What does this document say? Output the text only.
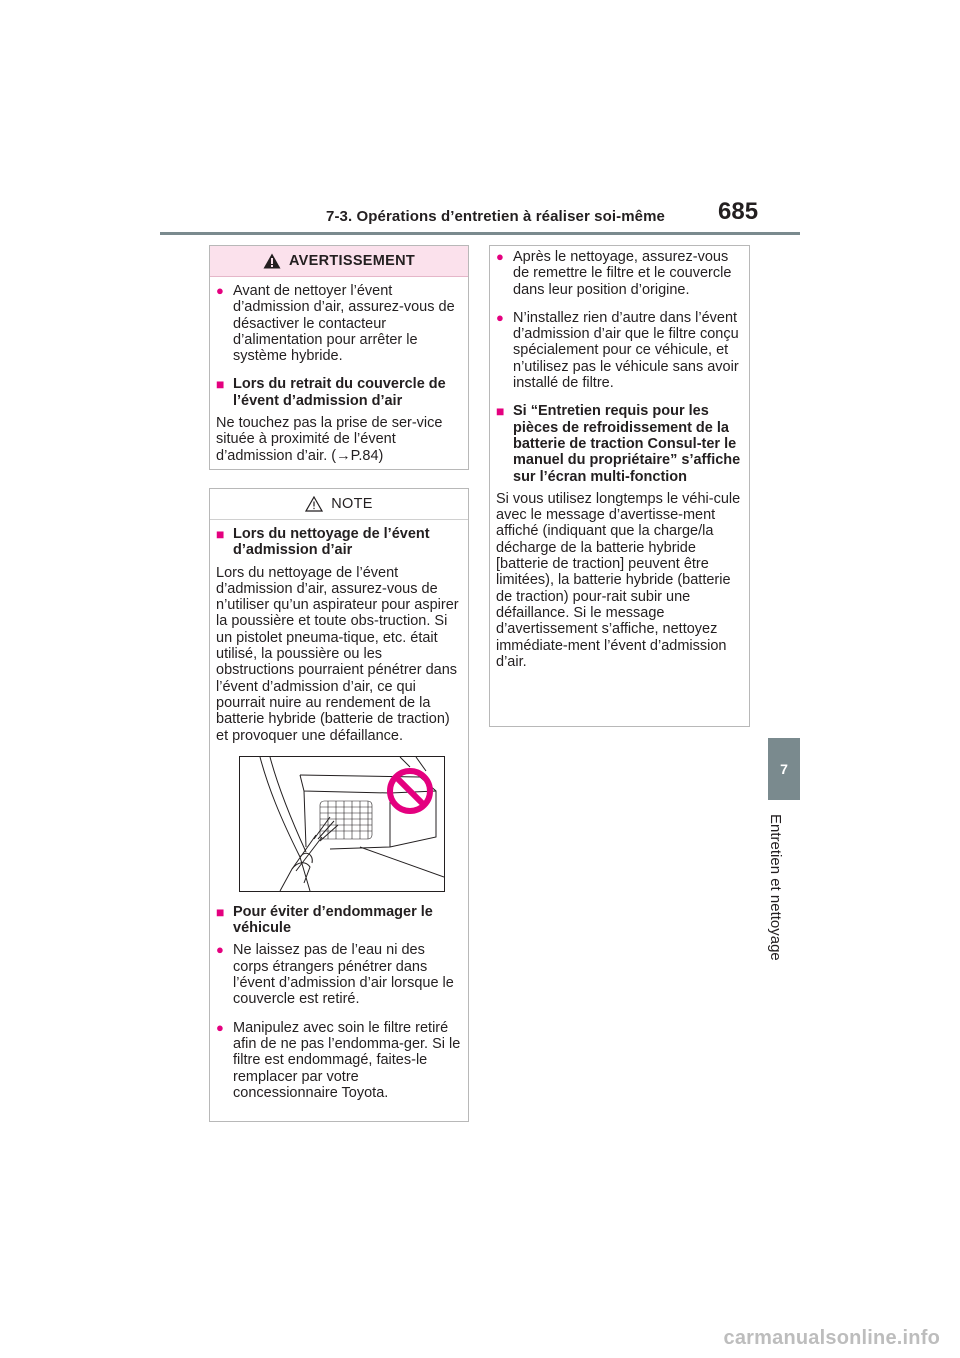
7-3. Opérations d’entretien à réaliser soi-même 685
7
Entretien et nettoyage
AVERTISSEMENT
● Avant de nettoyer l’évent d’admission d’air, assurez-vous de désactiver le contacteur d’alimentation pour arrêter le système hybride.
■ Lors du retrait du couvercle de l’évent d’admission d’air
Ne touchez pas la prise de ser-vice située à proximité de l’évent d’admission d’air. (→P.84)
NOTE
■ Lors du nettoyage de l’évent d’admission d’air
Lors du nettoyage de l’évent d’admission d’air, assurez-vous de n’utiliser qu’un aspirateur pour aspirer la poussière et toute obs-truction. Si un pistolet pneuma-tique, etc. était utilisé, la poussière ou les obstructions pourraient pénétrer dans l’évent d’admission d’air, ce qui pourrait nuire au rendement de la batterie hybride (batterie de traction) et provoquer une défaillance.
■ Pour éviter d’endommager le véhicule
● Ne laissez pas de l’eau ni des corps étrangers pénétrer dans l’évent d’admission d’air lorsque le couvercle est retiré.
● Manipulez avec soin le filtre retiré afin de ne pas l’endomma-ger. Si le filtre est endommagé, faites-le remplacer par votre concessionnaire Toyota.
● Après le nettoyage, assurez-vous de remettre le filtre et le couvercle dans leur position d’origine.
● N’installez rien d’autre dans l’évent d’admission d’air que le filtre conçu spécialement pour ce véhicule, et n’utilisez pas le véhicule sans avoir installé de filtre.
■ Si “Entretien requis pour les pièces de refroidissement de la batterie de traction Consul-ter le manuel du propriétaire” s’affiche sur l’écran multi-fonction
Si vous utilisez longtemps le véhi-cule avec le message d’avertisse-ment affiché (indiquant que la charge/la décharge de la batterie hybride [batterie de traction] peuvent être limitées), la batterie hybride (batterie de traction) pour-rait subir une défaillance. Si le message d’avertissement s’affiche, nettoyez immédiate-ment l’évent d’admission d’air.
carmanualsonline.info
